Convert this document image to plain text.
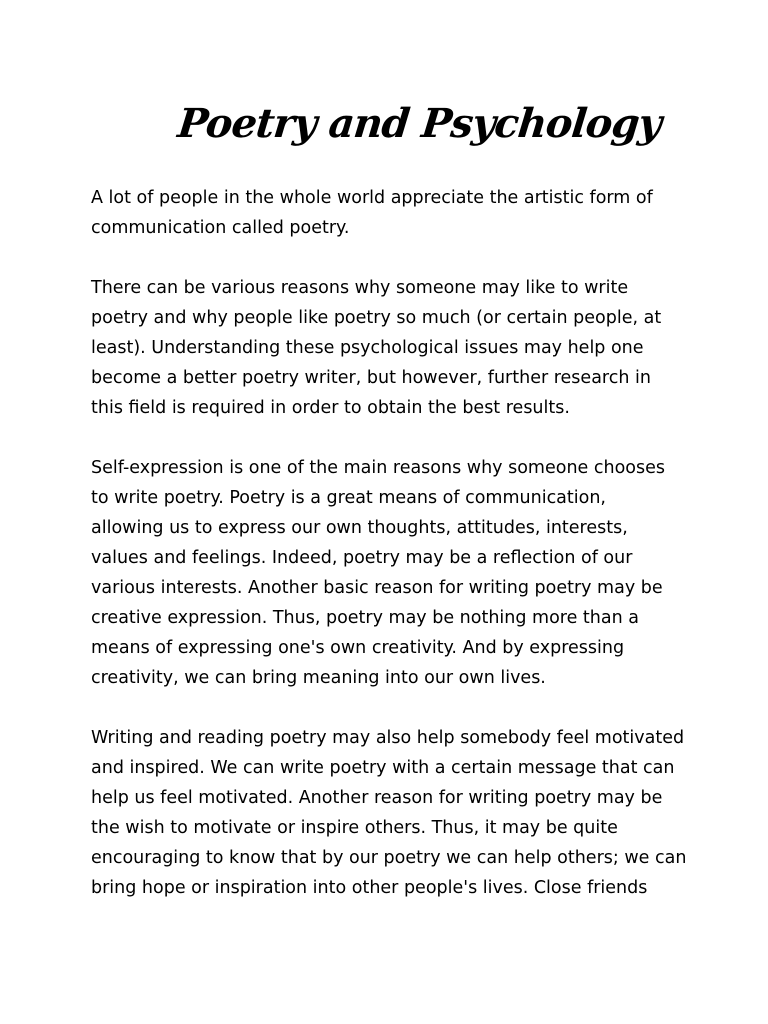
Poetry and Psychology

A lot of people in the whole world appreciate the artistic form of
communication called poetry.

There can be various reasons why someone may like to write
poetry and why people like poetry so much (or certain people, at
least). Understanding these psychological issues may help one
become a better poetry writer, but however, further research in
this field is required in order to obtain the best results.

Self-expression is one of the main reasons why someone chooses
to write poetry. Poetry is a great means of communication,
allowing us to express our own thoughts, attitudes, interests,
values and feelings. Indeed, poetry may be a reflection of our
various interests. Another basic reason for writing poetry may be
creative expression. Thus, poetry may be nothing more than a
means of expressing one's own creativity. And by expressing
creativity, we can bring meaning into our own lives.

Writing and reading poetry may also help somebody feel motivated
and inspired. We can write poetry with a certain message that can
help us feel motivated. Another reason for writing poetry may be
the wish to motivate or inspire others. Thus, it may be quite
encouraging to know that by our poetry we can help others; we can
bring hope or inspiration into other people's lives. Close friends
